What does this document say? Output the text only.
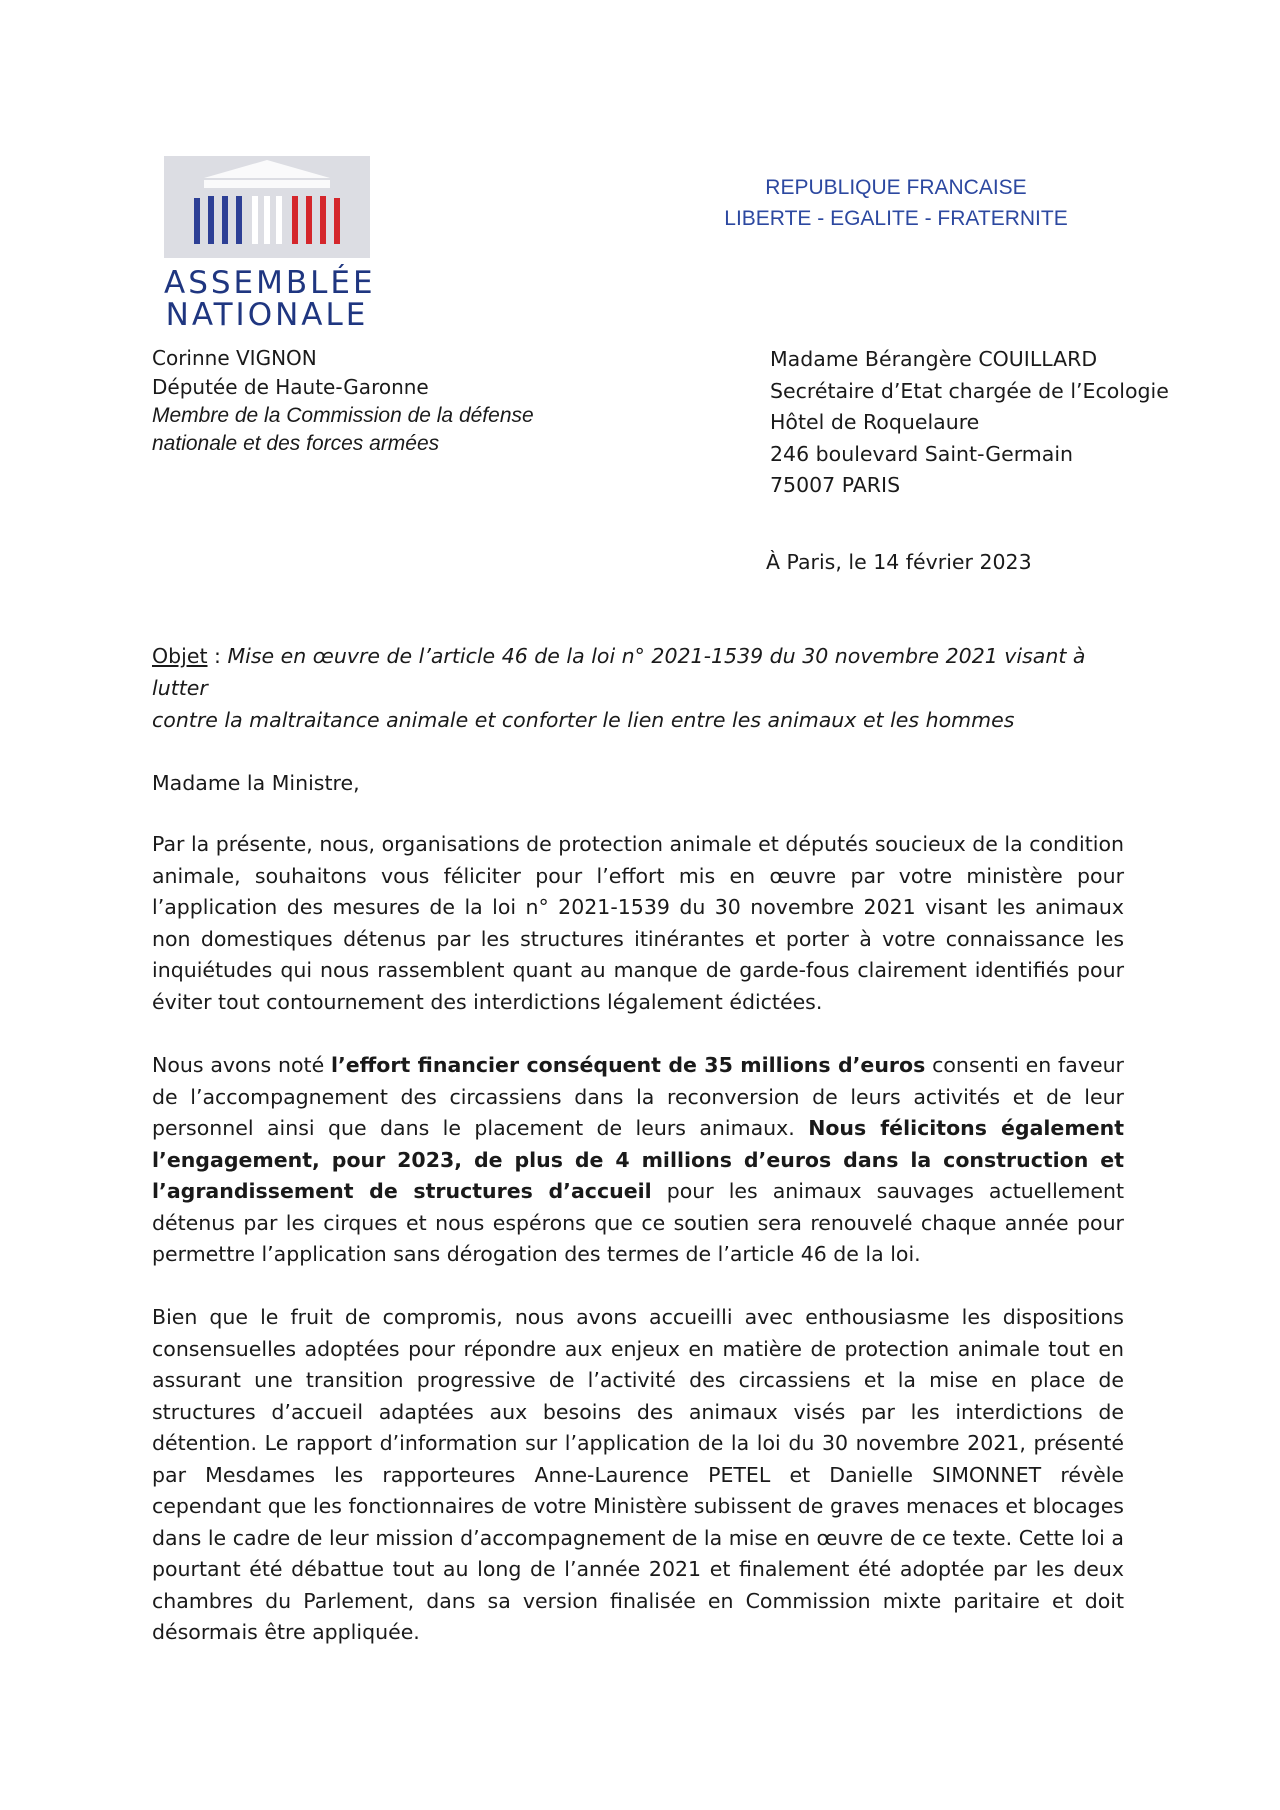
ASSEMBLÉE
NATIONALE
REPUBLIQUE FRANCAISE
LIBERTE - EGALITE - FRATERNITE
Corinne VIGNON
Députée de Haute-Garonne
Membre de la Commission de la défense
nationale et des forces armées
Madame Bérangère COUILLARD
Secrétaire d’Etat chargée de l’Ecologie
Hôtel de Roquelaure
246 boulevard Saint-Germain
75007 PARIS
À Paris, le 14 février 2023
Objet : Mise en œuvre de l’article 46 de la loi n° 2021-1539 du 30 novembre 2021 visant à lutter
contre la maltraitance animale et conforter le lien entre les animaux et les hommes
Madame la Ministre,
Par la présente, nous, organisations de protection animale et députés soucieux de la condition animale, souhaitons vous féliciter pour l’effort mis en œuvre par votre ministère pour l’application des mesures de la loi n° 2021-1539 du 30 novembre 2021 visant les animaux non domestiques détenus par les structures itinérantes et porter à votre connaissance les inquiétudes qui nous rassemblent quant au manque de garde-fous clairement identifiés pour éviter tout contournement des interdictions légalement édictées.
Nous avons noté l’effort financier conséquent de 35 millions d’euros consenti en faveur de l’accompagnement des circassiens dans la reconversion de leurs activités et de leur personnel ainsi que dans le placement de leurs animaux. Nous félicitons également l’engagement, pour 2023, de plus de 4 millions d’euros dans la construction et l’agrandissement de structures d’accueil pour les animaux sauvages actuellement détenus par les cirques et nous espérons que ce soutien sera renouvelé chaque année pour permettre l’application sans dérogation des termes de l’article 46 de la loi.
Bien que le fruit de compromis, nous avons accueilli avec enthousiasme les dispositions consensuelles adoptées pour répondre aux enjeux en matière de protection animale tout en assurant une transition progressive de l’activité des circassiens et la mise en place de structures d’accueil adaptées aux besoins des animaux visés par les interdictions de détention. Le rapport d’information sur l’application de la loi du 30 novembre 2021, présenté par Mesdames les rapporteures Anne-Laurence PETEL et Danielle SIMONNET révèle cependant que les fonctionnaires de votre Ministère subissent de graves menaces et blocages dans le cadre de leur mission d’accompagnement de la mise en œuvre de ce texte. Cette loi a pourtant été débattue tout au long de l’année 2021 et finalement été adoptée par les deux chambres du Parlement, dans sa version finalisée en Commission mixte paritaire et doit désormais être appliquée.
